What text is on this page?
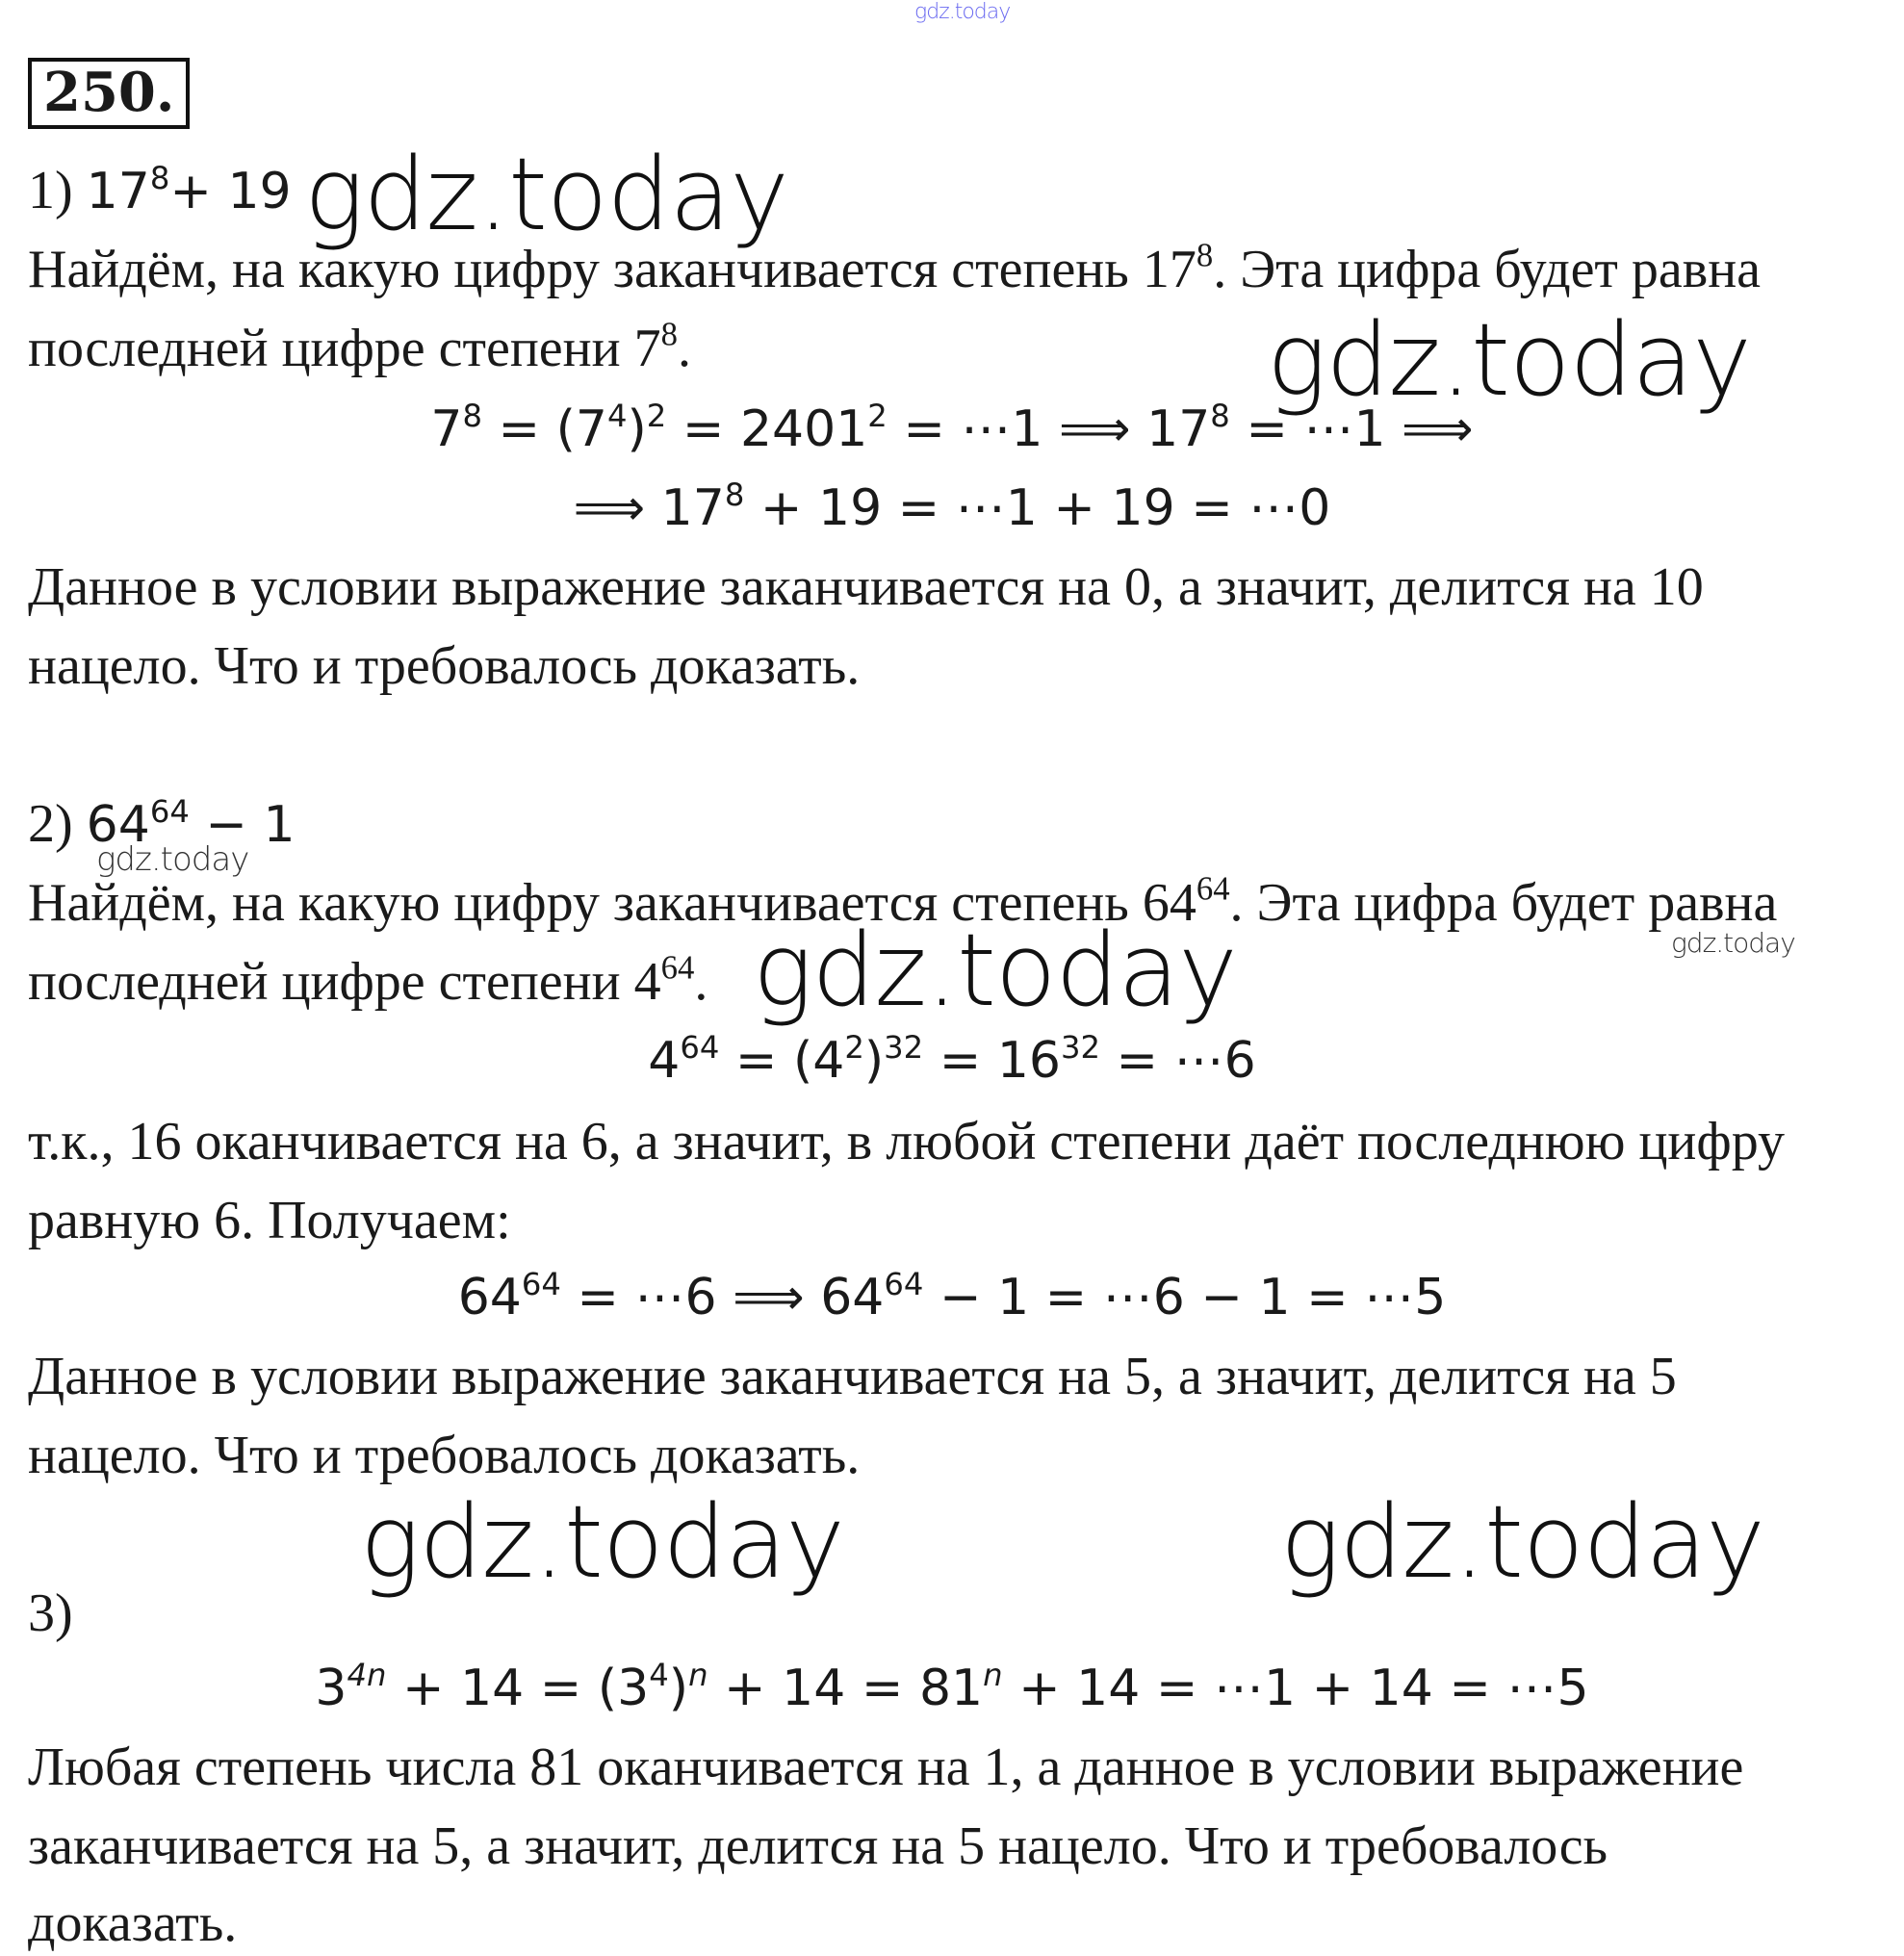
gdz.today
250.
1) $17^8+ 19$ gdz.today
Найдём, на какую цифру заканчивается степень $17^8$. Эта цифра будет равна
последней цифре степени $7^8$.	gdz.today
$7^8 = (7^4)^2 = 2401^2$ = ⋯1 ⟹ $17^8$ = ⋯1 ⟹
⟹ $17^8 + 19$ = ⋯1 + 19 = ⋯0
Данное в условии выражение заканчивается на 0, а значит, делится на 10
нацело. Что и требовалось доказать.
2) $64^{64} - 1$
gdz.today
Найдём, на какую цифру заканчивается степень $64^{64}$. Эта цифра будет равна
gdz.today
последней цифре степени $4^{64}$. gdz.today
$4^{64} = (4^2)^{32} = 16^{32}$ = ⋯6
т.к., 16 оканчивается на 6, а значит, в любой степени даёт последнюю цифру
равную 6. Получаем:
$64^{64}$ = ⋯6 ⟹ $64^{64} - 1$ = ⋯6 − 1 = ⋯5
Данное в условии выражение заканчивается на 5, а значит, делится на 5
нацело. Что и требовалось доказать.
gdz.today	gdz.today
3)
$3^{4n} + 14 = (3^4)^n + 14 = 81^n + 14$ = ⋯1 + 14 = ⋯5
Любая степень числа 81 оканчивается на 1, а данное в условии выражение
заканчивается на 5, а значит, делится на 5 нацело. Что и требовалось
доказать.
